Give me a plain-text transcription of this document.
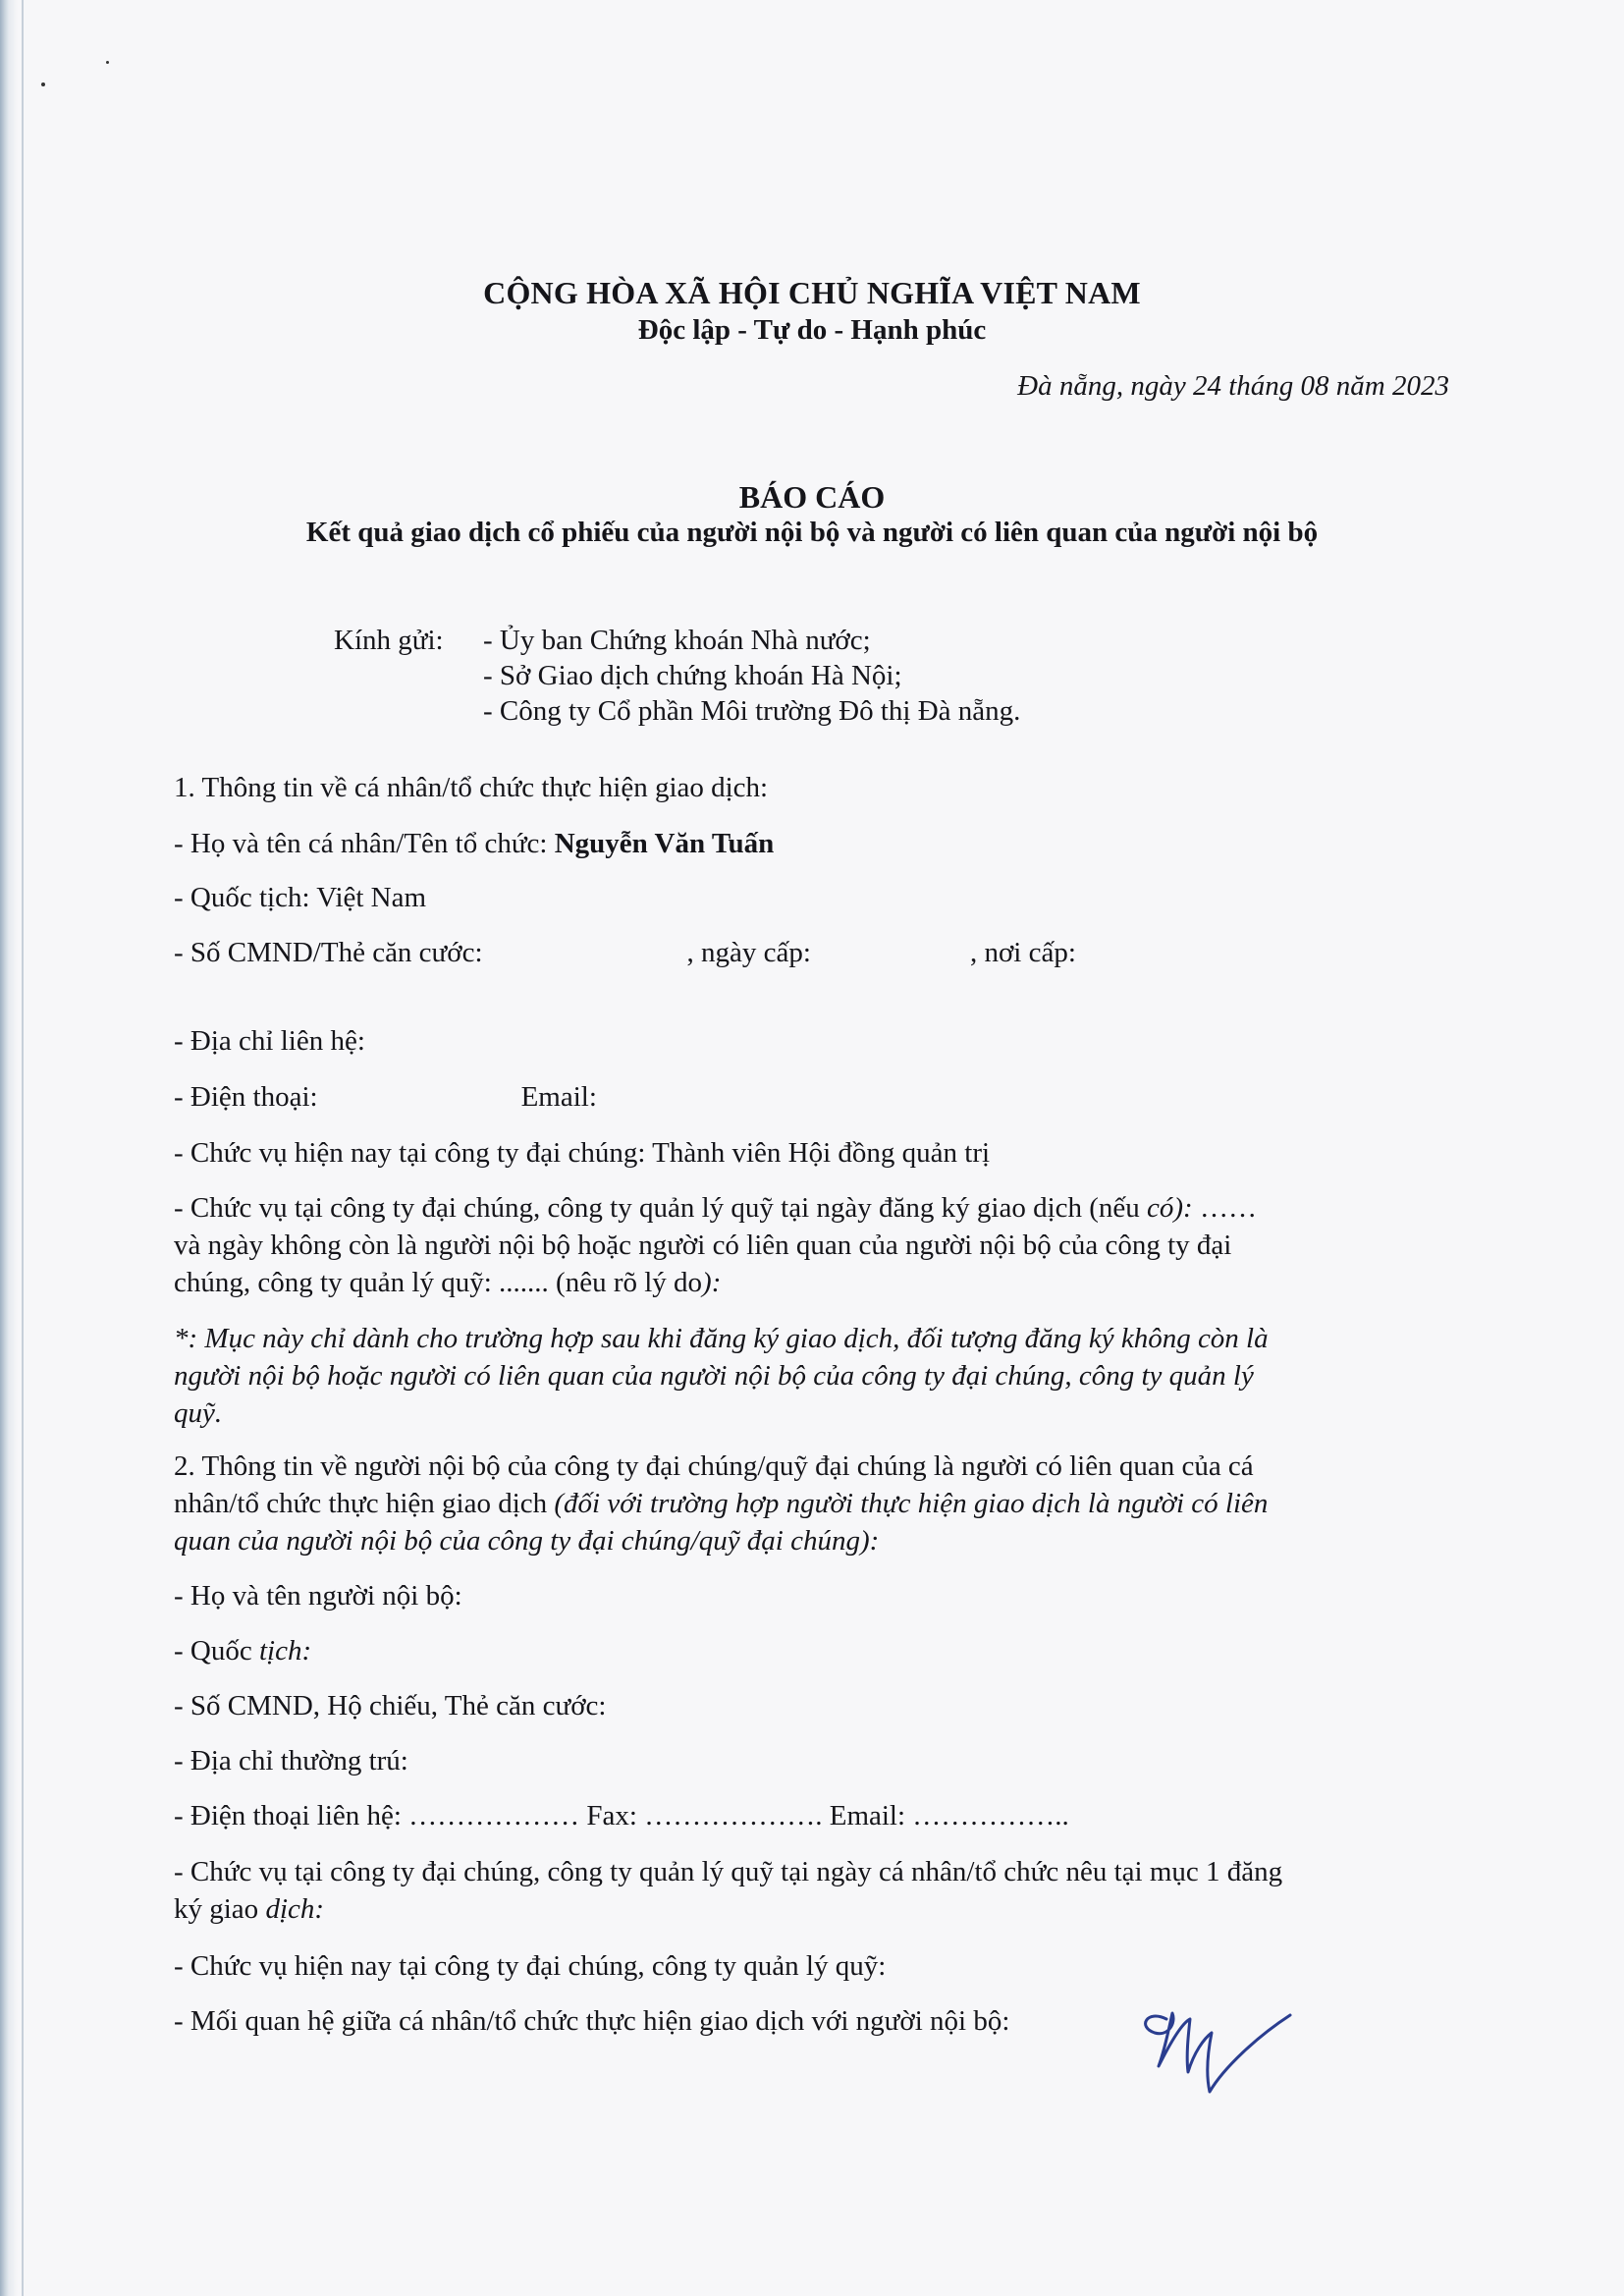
CỘNG HÒA XÃ HỘI CHỦ NGHĨA VIỆT NAM
Độc lập - Tự do - Hạnh phúc
Đà nẵng, ngày 24 tháng 08 năm 2023
BÁO CÁO
Kết quả giao dịch cổ phiếu của người nội bộ và người có liên quan của người nội bộ
Kính gửi:	- Ủy ban Chứng khoán Nhà nước;
- Sở Giao dịch chứng khoán Hà Nội;
- Công ty Cổ phần Môi trường Đô thị Đà nẵng.
1. Thông tin về cá nhân/tổ chức thực hiện giao dịch:
- Họ và tên cá nhân/Tên tổ chức: Nguyễn Văn Tuấn
- Quốc tịch: Việt Nam
- Số CMND/Thẻ căn cước:	, ngày cấp:	, nơi cấp:
- Địa chỉ liên hệ:
- Điện thoại:	Email:
- Chức vụ hiện nay tại công ty đại chúng: Thành viên Hội đồng quản trị
- Chức vụ tại công ty đại chúng, công ty quản lý quỹ tại ngày đăng ký giao dịch (nếu có): ……
và ngày không còn là người nội bộ hoặc người có liên quan của người nội bộ của công ty đại
chúng, công ty quản lý quỹ: ....... (nêu rõ lý do):
*: Mục này chỉ dành cho trường hợp sau khi đăng ký giao dịch, đối tượng đăng ký không còn là
người nội bộ hoặc người có liên quan của người nội bộ của công ty đại chúng, công ty quản lý
quỹ.
2. Thông tin về người nội bộ của công ty đại chúng/quỹ đại chúng là người có liên quan của cá
nhân/tổ chức thực hiện giao dịch (đối với trường hợp người thực hiện giao dịch là người có liên
quan của người nội bộ của công ty đại chúng/quỹ đại chúng):
- Họ và tên người nội bộ:
- Quốc tịch:
- Số CMND, Hộ chiếu, Thẻ căn cước:
- Địa chỉ thường trú:
- Điện thoại liên hệ: ……………… Fax: ………………. Email: ……………..
- Chức vụ tại công ty đại chúng, công ty quản lý quỹ tại ngày cá nhân/tổ chức nêu tại mục 1 đăng
ký giao dịch:
- Chức vụ hiện nay tại công ty đại chúng, công ty quản lý quỹ:
- Mối quan hệ giữa cá nhân/tổ chức thực hiện giao dịch với người nội bộ:
